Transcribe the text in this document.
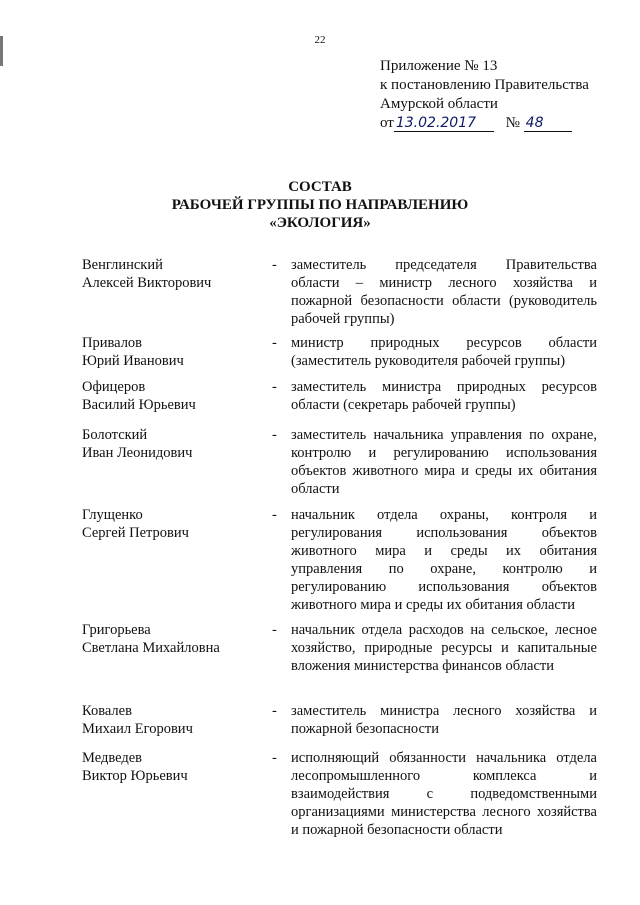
22
Приложение № 13
к постановлению Правительства
Амурской области
от 13.02.2017 № 48
СОСТАВ
РАБОЧЕЙ ГРУППЫ ПО НАПРАВЛЕНИЮ
«ЭКОЛОГИЯ»
Венглинский
Алексей Викторович
- заместитель председателя Правительства области – министр лесного хозяйства и пожарной безопасности области (руководитель рабочей группы)
Привалов
Юрий Иванович
- министр природных ресурсов области (заместитель руководителя рабочей группы)
Офицеров
Василий Юрьевич
- заместитель министра природных ресурсов области (секретарь рабочей группы)
Болотский
Иван Леонидович
- заместитель начальника управления по охране, контролю и регулированию использования объектов животного мира и среды их обитания области
Глущенко
Сергей Петрович
- начальник отдела охраны, контроля и регулирования использования объектов животного мира и среды их обитания управления по охране, контролю и регулированию использования объектов животного мира и среды их обитания области
Григорьева
Светлана Михайловна
- начальник отдела расходов на сельское, лесное хозяйство, природные ресурсы и капитальные вложения министерства финансов области
Ковалев
Михаил Егорович
- заместитель министра лесного хозяйства и пожарной безопасности
Медведев
Виктор Юрьевич
- исполняющий обязанности начальника отдела лесопромышленного комплекса и взаимодействия с подведомственными организациями министерства лесного хозяйства и пожарной безопасности области
